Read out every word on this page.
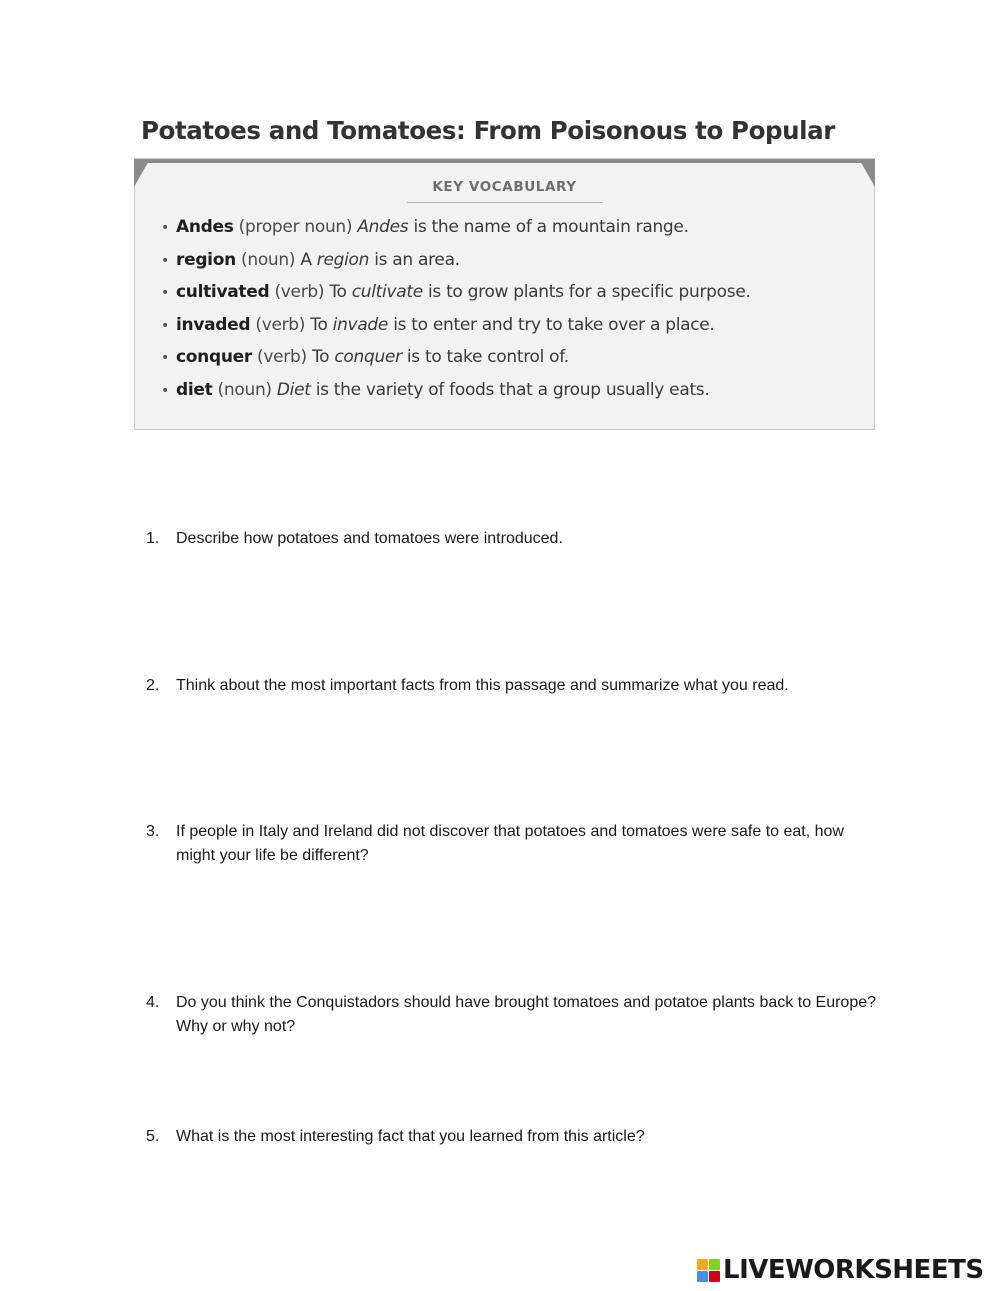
Potatoes and Tomatoes: From Poisonous to Popular
KEY VOCABULARY
• Andes (proper noun) Andes is the name of a mountain range.
• region (noun) A region is an area.
• cultivated (verb) To cultivate is to grow plants for a specific purpose.
• invaded (verb) To invade is to enter and try to take over a place.
• conquer (verb) To conquer is to take control of.
• diet (noun) Diet is the variety of foods that a group usually eats.
1. Describe how potatoes and tomatoes were introduced.
2. Think about the most important facts from this passage and summarize what you read.
3. If people in Italy and Ireland did not discover that potatoes and tomatoes were safe to eat, how might your life be different?
4. Do you think the Conquistadors should have brought tomatoes and potatoe plants back to Europe? Why or why not?
5. What is the most interesting fact that you learned from this article?
LIVEWORKSHEETS
